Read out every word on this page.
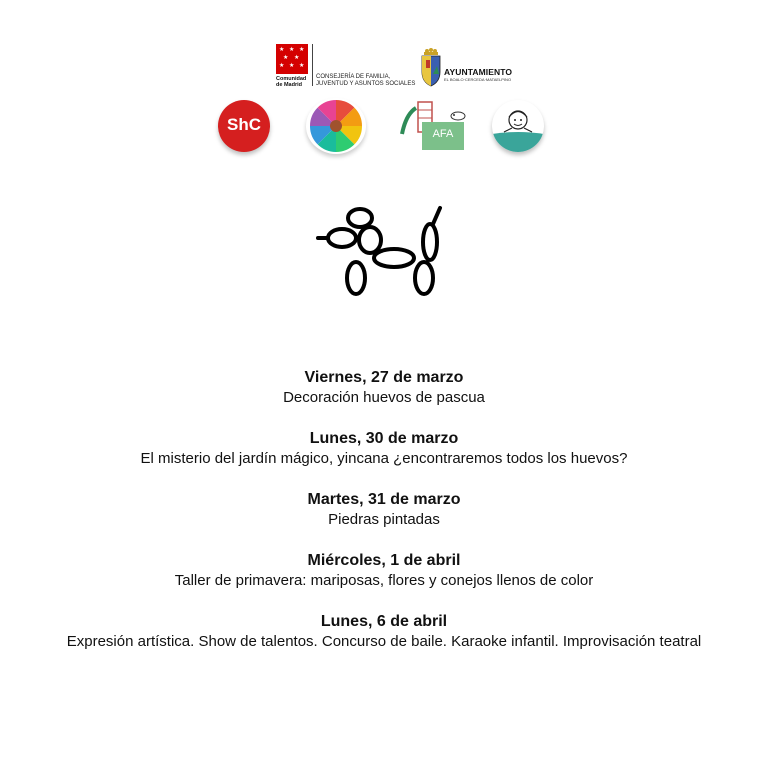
★ ★ ★
★ ★
★ ★ ★
Comunidad de Madrid
CONSEJERÍA DE FAMILIA, JUVENTUD Y ASUNTOS SOCIALES
AYUNTAMIENTO
EL BOALO·CERCEDA·MATAELPINO
ShC	AFA
Viernes, 27 de marzo
Decoración huevos de pascua
Lunes, 30 de marzo
El misterio del jardín mágico, yincana ¿encontraremos todos los huevos?
Martes, 31 de marzo
Piedras pintadas
Miércoles, 1 de abril
Taller de primavera: mariposas, flores y conejos llenos de color
Lunes, 6 de abril
Expresión artística. Show de talentos. Concurso de baile. Karaoke infantil. Improvisación teatral
